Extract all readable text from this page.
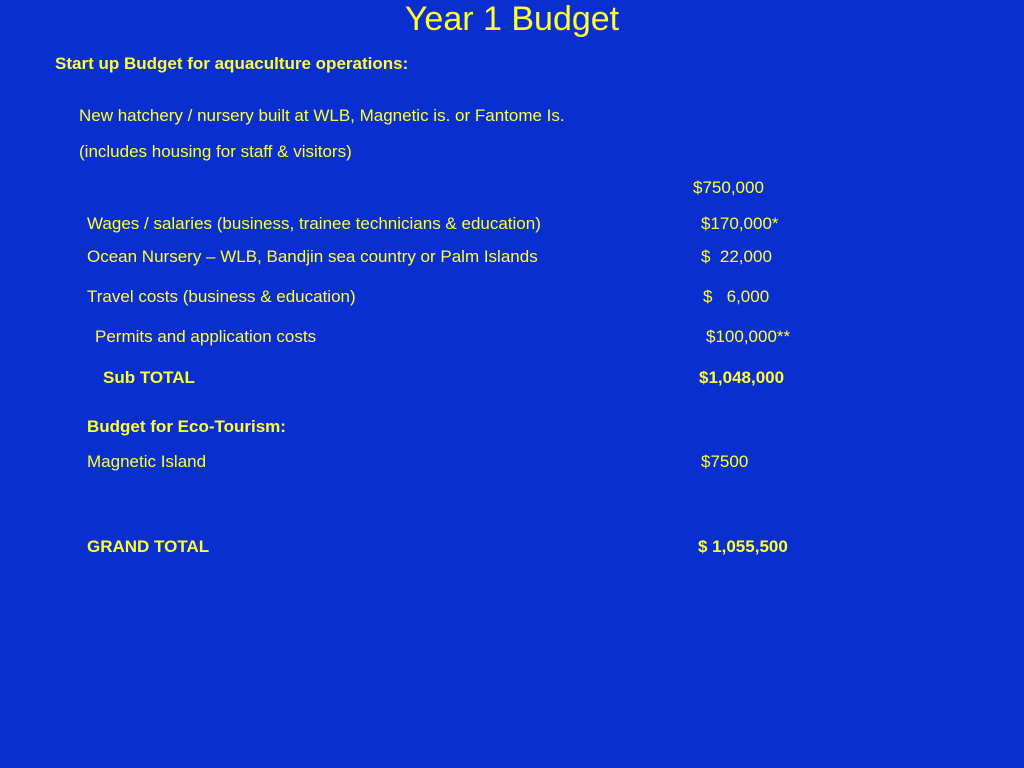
Year 1 Budget
Start up Budget for aquaculture operations:
New hatchery / nursery built at WLB, Magnetic is. or Fantome Is.
(includes housing for staff & visitors)
$750,000
Wages / salaries (business, trainee technicians & education)	$170,000*
Ocean Nursery – WLB, Bandjin sea country or Palm Islands	$  22,000
Travel costs (business & education)	$   6,000
Permits and application costs	$100,000**
Sub TOTAL	$1,048,000
Budget for Eco-Tourism:
Magnetic Island	$7500
GRAND TOTAL	$ 1,055,500
